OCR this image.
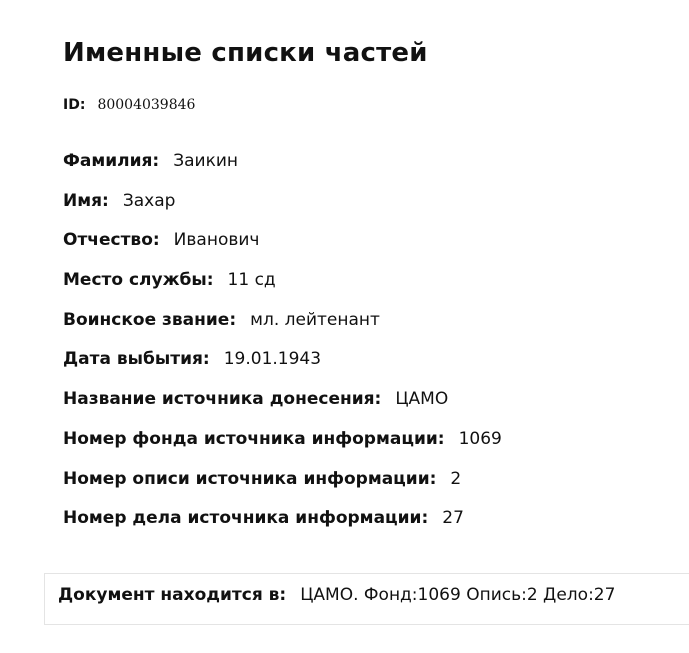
Именные списки частей
ID: 80004039846
Фамилия: Заикин
Имя: Захар
Отчество: Иванович
Место службы: 11 сд
Воинское звание: мл. лейтенант
Дата выбытия: 19.01.1943
Название источника донесения: ЦАМО
Номер фонда источника информации: 1069
Номер описи источника информации: 2
Номер дела источника информации: 27
Документ находится в: ЦАМО. Фонд:1069 Опись:2 Дело:27
